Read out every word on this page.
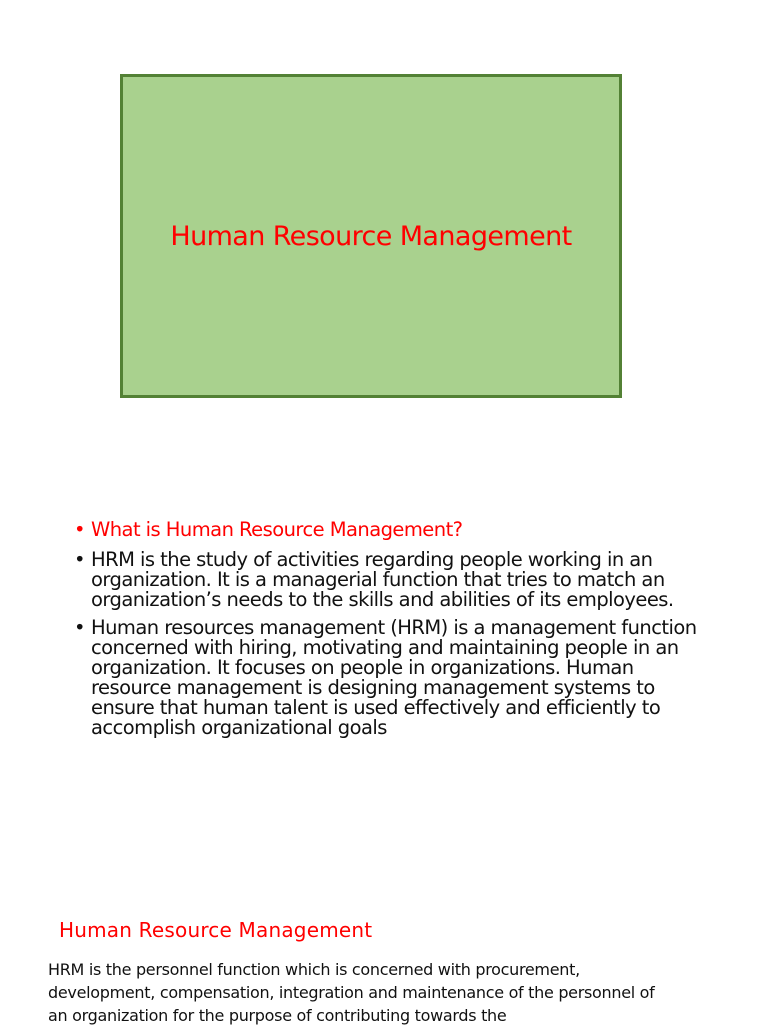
Human Resource Management
• What is Human Resource Management?
• HRM is the study of activities regarding people working in an organization. It is a managerial function that tries to match an organization’s needs to the skills and abilities of its employees.
• Human resources management (HRM) is a management function concerned with hiring, motivating and maintaining people in an organization. It focuses on people in organizations. Human resource management is designing management systems to ensure that human talent is used effectively and efficiently to accomplish organizational goals
Human Resource Management
HRM is the personnel function which is concerned with procurement, development, compensation, integration and maintenance of the personnel of an organization for the purpose of contributing towards the
